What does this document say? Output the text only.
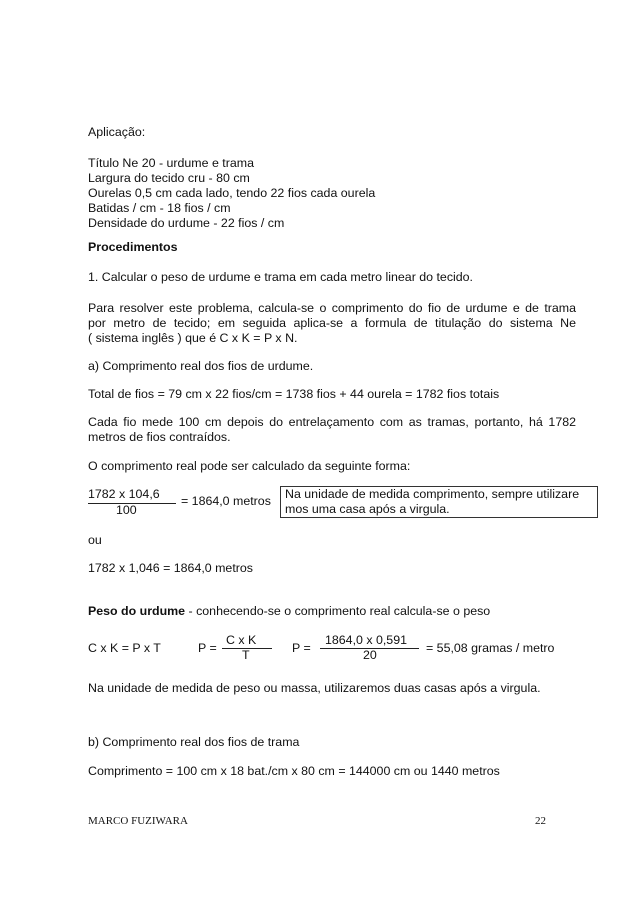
Aplicação:
Título Ne 20 - urdume e trama
Largura do tecido cru - 80 cm
Ourelas 0,5 cm cada lado, tendo 22 fios cada ourela
Batidas / cm - 18 fios / cm
Densidade do urdume - 22 fios / cm
Procedimentos
1. Calcular o peso de urdume e trama em cada metro linear do tecido.
Para resolver este problema, calcula-se o comprimento do fio de urdume e de trama
por metro de tecido; em seguida aplica-se a formula de titulação do sistema Ne
( sistema inglês ) que é C x K = P x N.
a) Comprimento real dos fios de urdume.
Total de fios = 79 cm x 22 fios/cm = 1738 fios + 44 ourela = 1782 fios totais
Cada fio mede 100 cm depois do entrelaçamento com as tramas, portanto, há 1782
metros de fios contraídos.
O comprimento real pode ser calculado da seguinte forma:
1782 x 104,6
100
= 1864,0 metros Na unidade de medida comprimento, sempre utilizare
mos uma casa após a virgula.
ou
1782 x 1,046 = 1864,0 metros
Peso do urdume - conhecendo-se o comprimento real calcula-se o peso
C x K = P x T	P =
C x K
T	P =
1864,0 x 0,591
20	= 55,08 gramas / metro
Na unidade de medida de peso ou massa, utilizaremos duas casas após a virgula.
b) Comprimento real dos fios de trama
Comprimento = 100 cm x 18 bat./cm x 80 cm = 144000 cm ou 1440 metros
MARCO FUZIWARA	22
